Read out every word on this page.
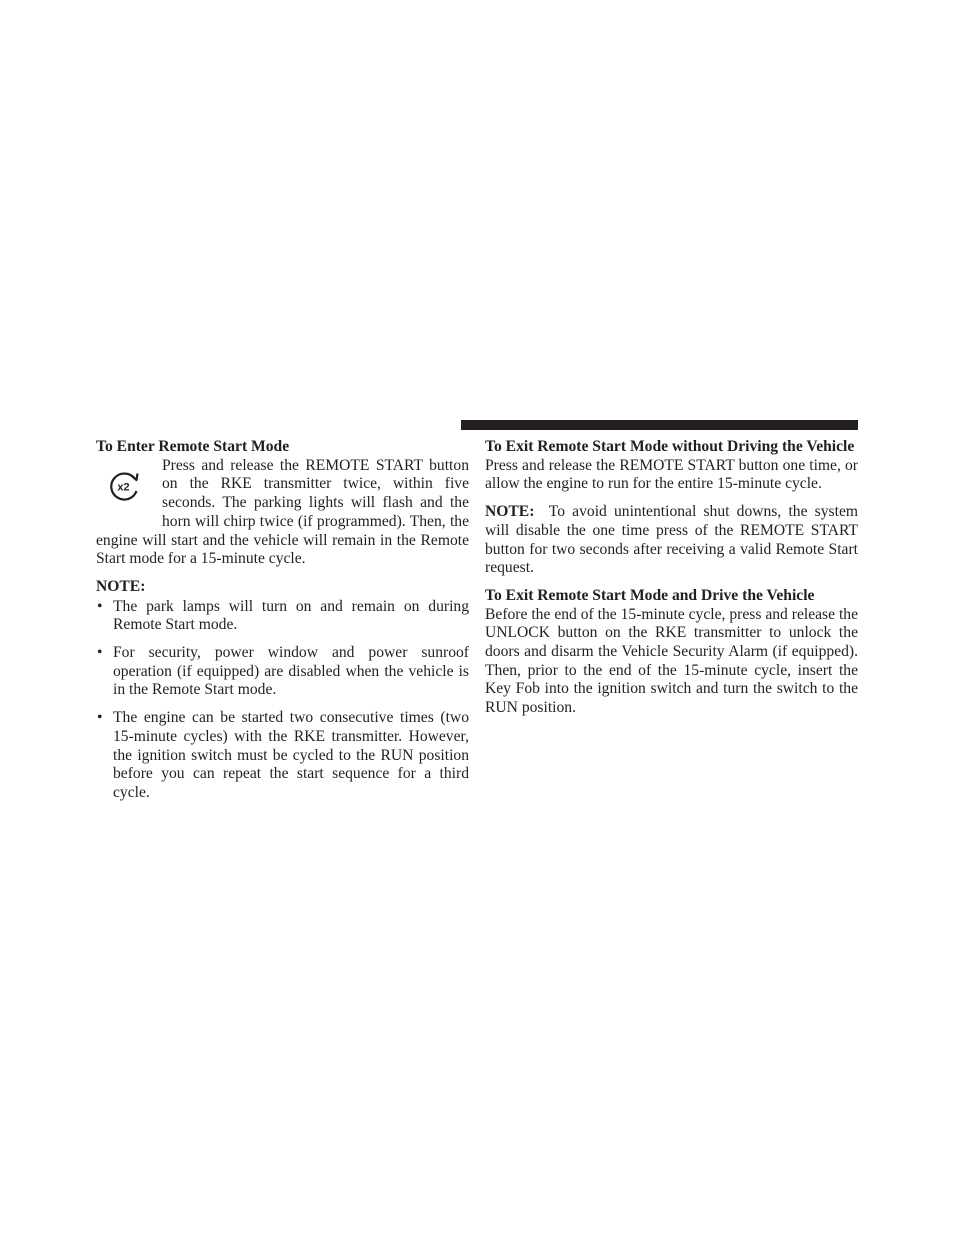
To Enter Remote Start Mode
x2

Press and release the REMOTE START button on the RKE transmitter twice, within five seconds. The parking lights will flash and the horn will chirp twice (if programmed). Then, the engine will start and the vehicle will remain in the Remote Start mode for a 15-minute cycle.

NOTE:
• The park lamps will turn on and remain on during Remote Start mode.
• For security, power window and power sunroof operation (if equipped) are disabled when the vehicle is in the Remote Start mode.
• The engine can be started two consecutive times (two 15-minute cycles) with the RKE transmitter. However, the ignition switch must be cycled to the RUN position before you can repeat the start sequence for a third cycle.
To Exit Remote Start Mode without Driving the Vehicle

Press and release the REMOTE START button one time, or allow the engine to run for the entire 15-minute cycle.

NOTE: To avoid unintentional shut downs, the system will disable the one time press of the REMOTE START button for two seconds after receiving a valid Remote Start request.

To Exit Remote Start Mode and Drive the Vehicle

Before the end of the 15-minute cycle, press and release the UNLOCK button on the RKE transmitter to unlock the doors and disarm the Vehicle Security Alarm (if equipped). Then, prior to the end of the 15-minute cycle, insert the Key Fob into the ignition switch and turn the switch to the RUN position.
